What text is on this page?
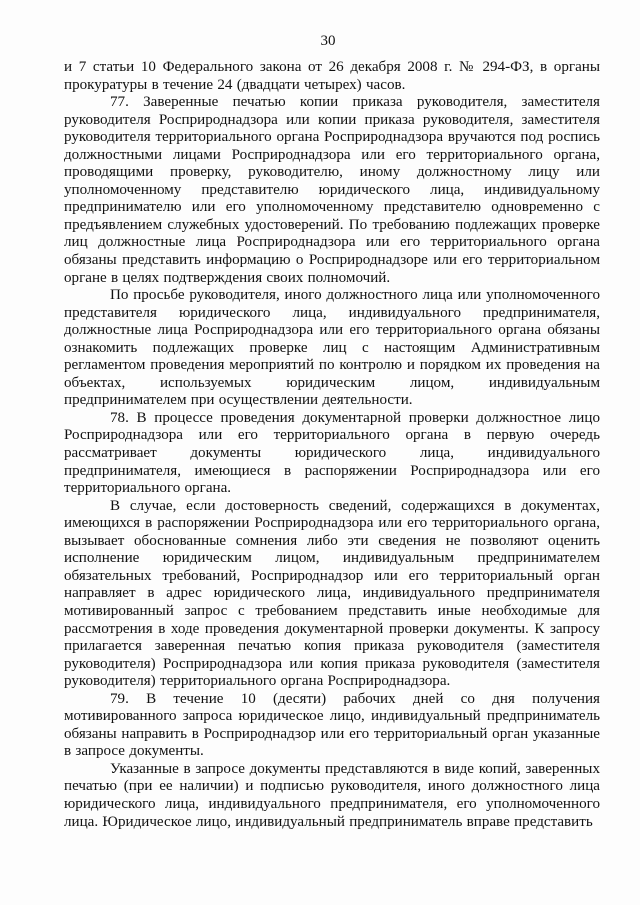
30

и 7 статьи 10 Федерального закона от 26 декабря 2008 г. № 294-ФЗ, в органы прокуратуры в течение 24 (двадцати четырех) часов.

77. Заверенные печатью копии приказа руководителя, заместителя руководителя Росприроднадзора или копии приказа руководителя, заместителя руководителя территориального органа Росприроднадзора вручаются под роспись должностными лицами Росприроднадзора или его территориального органа, проводящими проверку, руководителю, иному должностному лицу или уполномоченному представителю юридического лица, индивидуальному предпринимателю или его уполномоченному представителю одновременно с предъявлением служебных удостоверений. По требованию подлежащих проверке лиц должностные лица Росприроднадзора или его территориального органа обязаны представить информацию о Росприроднадзоре или его территориальном органе в целях подтверждения своих полномочий.

По просьбе руководителя, иного должностного лица или уполномоченного представителя юридического лица, индивидуального предпринимателя, должностные лица Росприроднадзора или его территориального органа обязаны ознакомить подлежащих проверке лиц с настоящим Административным регламентом проведения мероприятий по контролю и порядком их проведения на объектах, используемых юридическим лицом, индивидуальным предпринимателем при осуществлении деятельности.

78. В процессе проведения документарной проверки должностное лицо Росприроднадзора или его территориального органа в первую очередь рассматривает документы юридического лица, индивидуального предпринимателя, имеющиеся в распоряжении Росприроднадзора или его территориального органа.

В случае, если достоверность сведений, содержащихся в документах, имеющихся в распоряжении Росприроднадзора или его территориального органа, вызывает обоснованные сомнения либо эти сведения не позволяют оценить исполнение юридическим лицом, индивидуальным предпринимателем обязательных требований, Росприроднадзор или его территориальный орган направляет в адрес юридического лица, индивидуального предпринимателя мотивированный запрос с требованием представить иные необходимые для рассмотрения в ходе проведения документарной проверки документы. К запросу прилагается заверенная печатью копия приказа руководителя (заместителя руководителя) Росприроднадзора или копия приказа руководителя (заместителя руководителя) территориального органа Росприроднадзора.

79. В течение 10 (десяти) рабочих дней со дня получения мотивированного запроса юридическое лицо, индивидуальный предприниматель обязаны направить в Росприроднадзор или его территориальный орган указанные в запросе документы.

Указанные в запросе документы представляются в виде копий, заверенных печатью (при ее наличии) и подписью руководителя, иного должностного лица юридического лица, индивидуального предпринимателя, его уполномоченного лица. Юридическое лицо, индивидуальный предприниматель вправе представить
